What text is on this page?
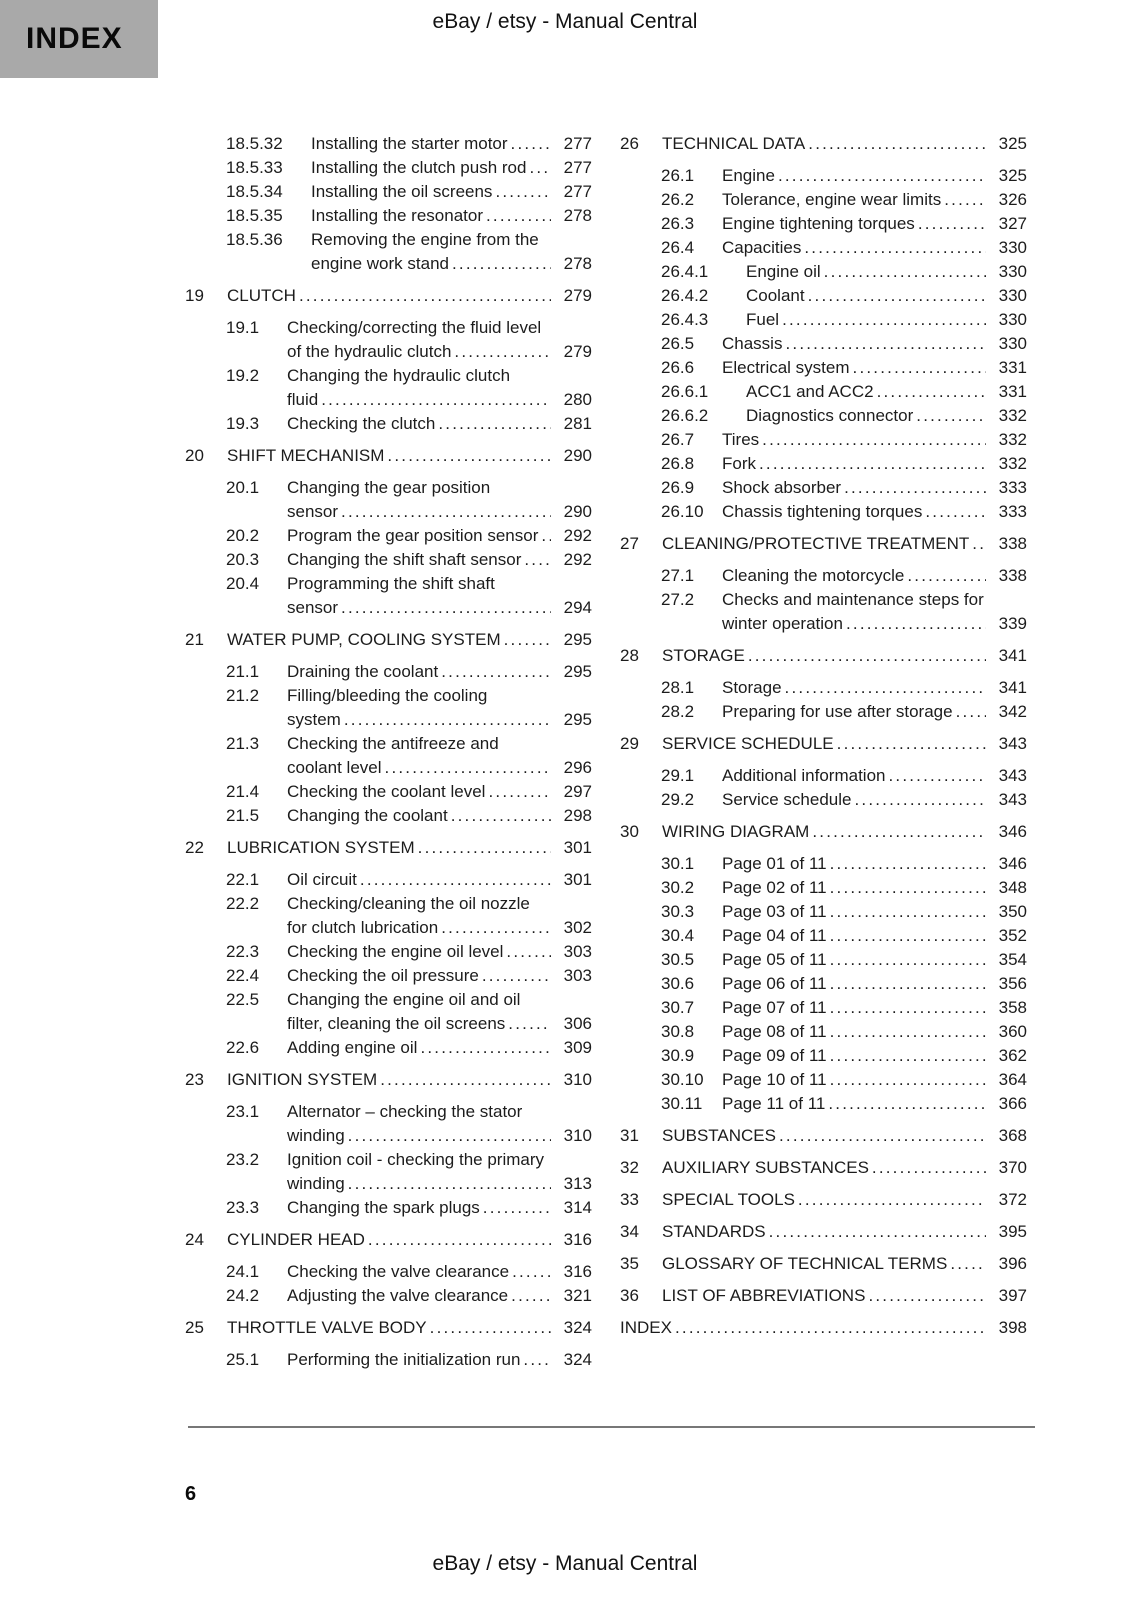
INDEX
eBay / etsy - Manual Central
18.5.32	Installing the starter motor .....	277
18.5.33	Installing the clutch push rod .....	277
18.5.34	Installing the oil screens .....	277
18.5.35	Installing the resonator .....	278
18.5.36	Removing the engine from the
engine work stand .....	278
19	CLUTCH .....	279
19.1	Checking/correcting the fluid level
of the hydraulic clutch .....	279
19.2	Changing the hydraulic clutch
fluid .....	280
19.3	Checking the clutch .....	281
20	SHIFT MECHANISM .....	290
20.1	Changing the gear position
sensor .....	290
20.2	Program the gear position sensor .....	292
20.3	Changing the shift shaft sensor .....	292
20.4	Programming the shift shaft
sensor .....	294
21	WATER PUMP, COOLING SYSTEM .....	295
21.1	Draining the coolant .....	295
21.2	Filling/bleeding the cooling
system .....	295
21.3	Checking the antifreeze and
coolant level .....	296
21.4	Checking the coolant level .....	297
21.5	Changing the coolant .....	298
22	LUBRICATION SYSTEM .....	301
22.1	Oil circuit .....	301
22.2	Checking/cleaning the oil nozzle
for clutch lubrication .....	302
22.3	Checking the engine oil level .....	303
22.4	Checking the oil pressure .....	303
22.5	Changing the engine oil and oil
filter, cleaning the oil screens .....	306
22.6	Adding engine oil .....	309
23	IGNITION SYSTEM .....	310
23.1	Alternator – checking the stator
winding .....	310
23.2	Ignition coil - checking the primary
winding .....	313
23.3	Changing the spark plugs .....	314
24	CYLINDER HEAD .....	316
24.1	Checking the valve clearance .....	316
24.2	Adjusting the valve clearance .....	321
25	THROTTLE VALVE BODY .....	324
25.1	Performing the initialization run .....	324
26	TECHNICAL DATA .....	325
26.1	Engine .....	325
26.2	Tolerance, engine wear limits .....	326
26.3	Engine tightening torques .....	327
26.4	Capacities .....	330
26.4.1	Engine oil .....	330
26.4.2	Coolant .....	330
26.4.3	Fuel .....	330
26.5	Chassis .....	330
26.6	Electrical system .....	331
26.6.1	ACC1 and ACC2 .....	331
26.6.2	Diagnostics connector .....	332
26.7	Tires .....	332
26.8	Fork .....	332
26.9	Shock absorber .....	333
26.10	Chassis tightening torques .....	333
27	CLEANING/PROTECTIVE TREATMENT .....	338
27.1	Cleaning the motorcycle .....	338
27.2	Checks and maintenance steps for
winter operation .....	339
28	STORAGE .....	341
28.1	Storage .....	341
28.2	Preparing for use after storage .....	342
29	SERVICE SCHEDULE .....	343
29.1	Additional information .....	343
29.2	Service schedule .....	343
30	WIRING DIAGRAM .....	346
30.1	Page 01 of 11 .....	346
30.2	Page 02 of 11 .....	348
30.3	Page 03 of 11 .....	350
30.4	Page 04 of 11 .....	352
30.5	Page 05 of 11 .....	354
30.6	Page 06 of 11 .....	356
30.7	Page 07 of 11 .....	358
30.8	Page 08 of 11 .....	360
30.9	Page 09 of 11 .....	362
30.10	Page 10 of 11 .....	364
30.11	Page 11 of 11 .....	366
31	SUBSTANCES .....	368
32	AUXILIARY SUBSTANCES .....	370
33	SPECIAL TOOLS .....	372
34	STANDARDS .....	395
35	GLOSSARY OF TECHNICAL TERMS .....	396
36	LIST OF ABBREVIATIONS .....	397
INDEX .....	398
6
eBay / etsy - Manual Central
